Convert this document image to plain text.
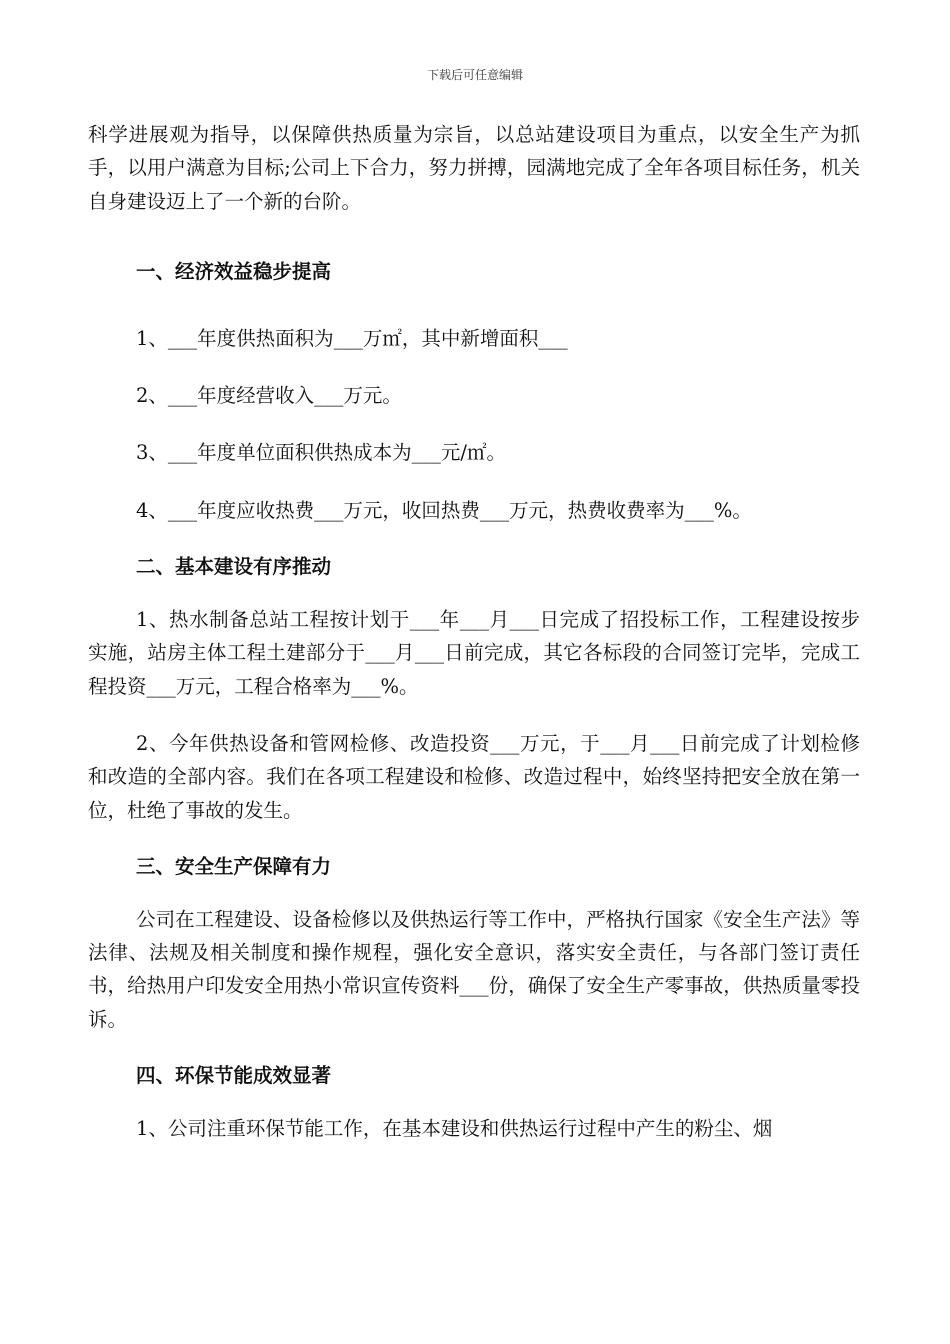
下载后可任意编辑

科学进展观为指导，以保障供热质量为宗旨，以总站建设项目为重点，以安全生产为抓手，以用户满意为目标;公司上下合力，努力拼搏，园满地完成了全年各项目标任务，机关自身建设迈上了一个新的台阶。

一、经济效益稳步提高

1、___年度供热面积为___万㎡，其中新增面积___

2、___年度经营收入___万元。

3、___年度单位面积供热成本为___元/㎡。

4、___年度应收热费___万元，收回热费___万元，热费收费率为___%。

二、基本建设有序推动

1、热水制备总站工程按计划于___年___月___日完成了招投标工作，工程建设按步实施，站房主体工程土建部分于___月___日前完成，其它各标段的合同签订完毕，完成工程投资___万元，工程合格率为___%。

2、今年供热设备和管网检修、改造投资___万元，于___月___日前完成了计划检修和改造的全部内容。我们在各项工程建设和检修、改造过程中，始终坚持把安全放在第一位，杜绝了事故的发生。

三、安全生产保障有力

公司在工程建设、设备检修以及供热运行等工作中，严格执行国家《安全生产法》等法律、法规及相关制度和操作规程，强化安全意识，落实安全责任，与各部门签订责任书，给热用户印发安全用热小常识宣传资料___份，确保了安全生产零事故，供热质量零投诉。

四、环保节能成效显著

1、公司注重环保节能工作，在基本建设和供热运行过程中产生的粉尘、烟
